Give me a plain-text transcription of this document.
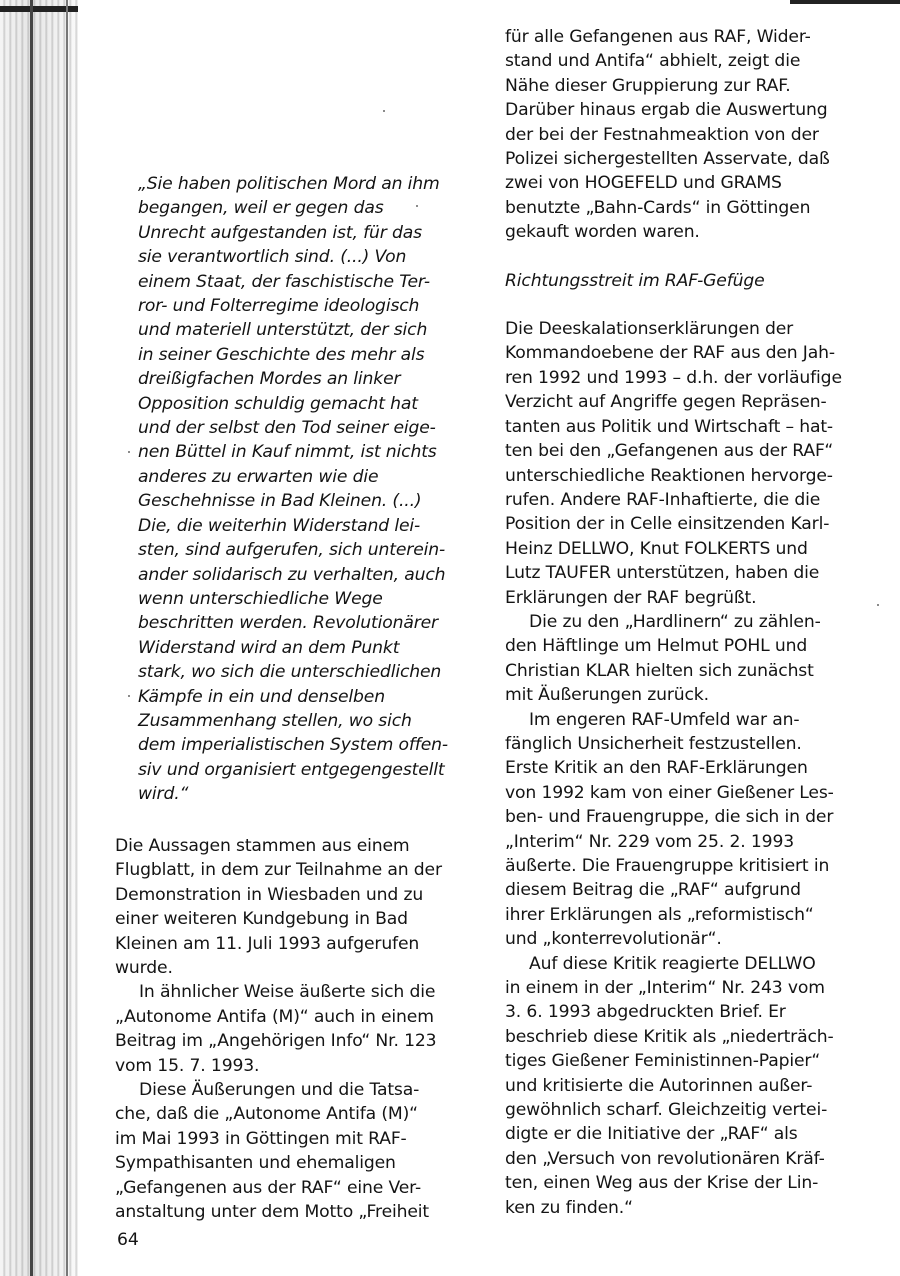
„Sie haben politischen Mord an ihm
begangen, weil er gegen das
Unrecht aufgestanden ist, für das
sie verantwortlich sind. (...) Von
einem Staat, der faschistische Ter-
ror- und Folterregime ideologisch
und materiell unterstützt, der sich
in seiner Geschichte des mehr als
dreißigfachen Mordes an linker
Opposition schuldig gemacht hat
und der selbst den Tod seiner eige-
nen Büttel in Kauf nimmt, ist nichts
anderes zu erwarten wie die
Geschehnisse in Bad Kleinen. (...)
Die, die weiterhin Widerstand lei-
sten, sind aufgerufen, sich unterein-
ander solidarisch zu verhalten, auch
wenn unterschiedliche Wege
beschritten werden. Revolutionärer
Widerstand wird an dem Punkt
stark, wo sich die unterschiedlichen
Kämpfe in ein und denselben
Zusammenhang stellen, wo sich
dem imperialistischen System offen-
siv und organisiert entgegengestellt
wird.“

Die Aussagen stammen aus einem
Flugblatt, in dem zur Teilnahme an der
Demonstration in Wiesbaden und zu
einer weiteren Kundgebung in Bad
Kleinen am 11. Juli 1993 aufgerufen
wurde.

In ähnlicher Weise äußerte sich die
„Autonome Antifa (M)“ auch in einem
Beitrag im „Angehörigen Info“ Nr. 123
vom 15. 7. 1993.

Diese Äußerungen und die Tatsa-
che, daß die „Autonome Antifa (M)“
im Mai 1993 in Göttingen mit RAF-
Sympathisanten und ehemaligen
„Gefangenen aus der RAF“ eine Ver-
anstaltung unter dem Motto „Freiheit

für alle Gefangenen aus RAF, Wider-
stand und Antifa“ abhielt, zeigt die
Nähe dieser Gruppierung zur RAF.
Darüber hinaus ergab die Auswertung
der bei der Festnahmeaktion von der
Polizei sichergestellten Asservate, daß
zwei von HOGEFELD und GRAMS
benutzte „Bahn-Cards“ in Göttingen
gekauft worden waren.

Richtungsstreit im RAF-Gefüge

Die Deeskalationserklärungen der
Kommandoebene der RAF aus den Jah-
ren 1992 und 1993 – d.h. der vorläufige
Verzicht auf Angriffe gegen Repräsen-
tanten aus Politik und Wirtschaft – hat-
ten bei den „Gefangenen aus der RAF“
unterschiedliche Reaktionen hervorge-
rufen. Andere RAF-Inhaftierte, die die
Position der in Celle einsitzenden Karl-
Heinz DELLWO, Knut FOLKERTS und
Lutz TAUFER unterstützen, haben die
Erklärungen der RAF begrüßt.

Die zu den „Hardlinern“ zu zählen-
den Häftlinge um Helmut POHL und
Christian KLAR hielten sich zunächst
mit Äußerungen zurück.

Im engeren RAF-Umfeld war an-
fänglich Unsicherheit festzustellen.
Erste Kritik an den RAF-Erklärungen
von 1992 kam von einer Gießener Les-
ben- und Frauengruppe, die sich in der
„Interim“ Nr. 229 vom 25. 2. 1993
äußerte. Die Frauengruppe kritisiert in
diesem Beitrag die „RAF“ aufgrund
ihrer Erklärungen als „reformistisch“
und „konterrevolutionär“.

Auf diese Kritik reagierte DELLWO
in einem in der „Interim“ Nr. 243 vom
3. 6. 1993 abgedruckten Brief. Er
beschrieb diese Kritik als „niederträch-
tiges Gießener Feministinnen-Papier“
und kritisierte die Autorinnen außer-
gewöhnlich scharf. Gleichzeitig vertei-
digte er die Initiative der „RAF“ als
den „Versuch von revolutionären Kräf-
ten, einen Weg aus der Krise der Lin-
ken zu finden.“

64
